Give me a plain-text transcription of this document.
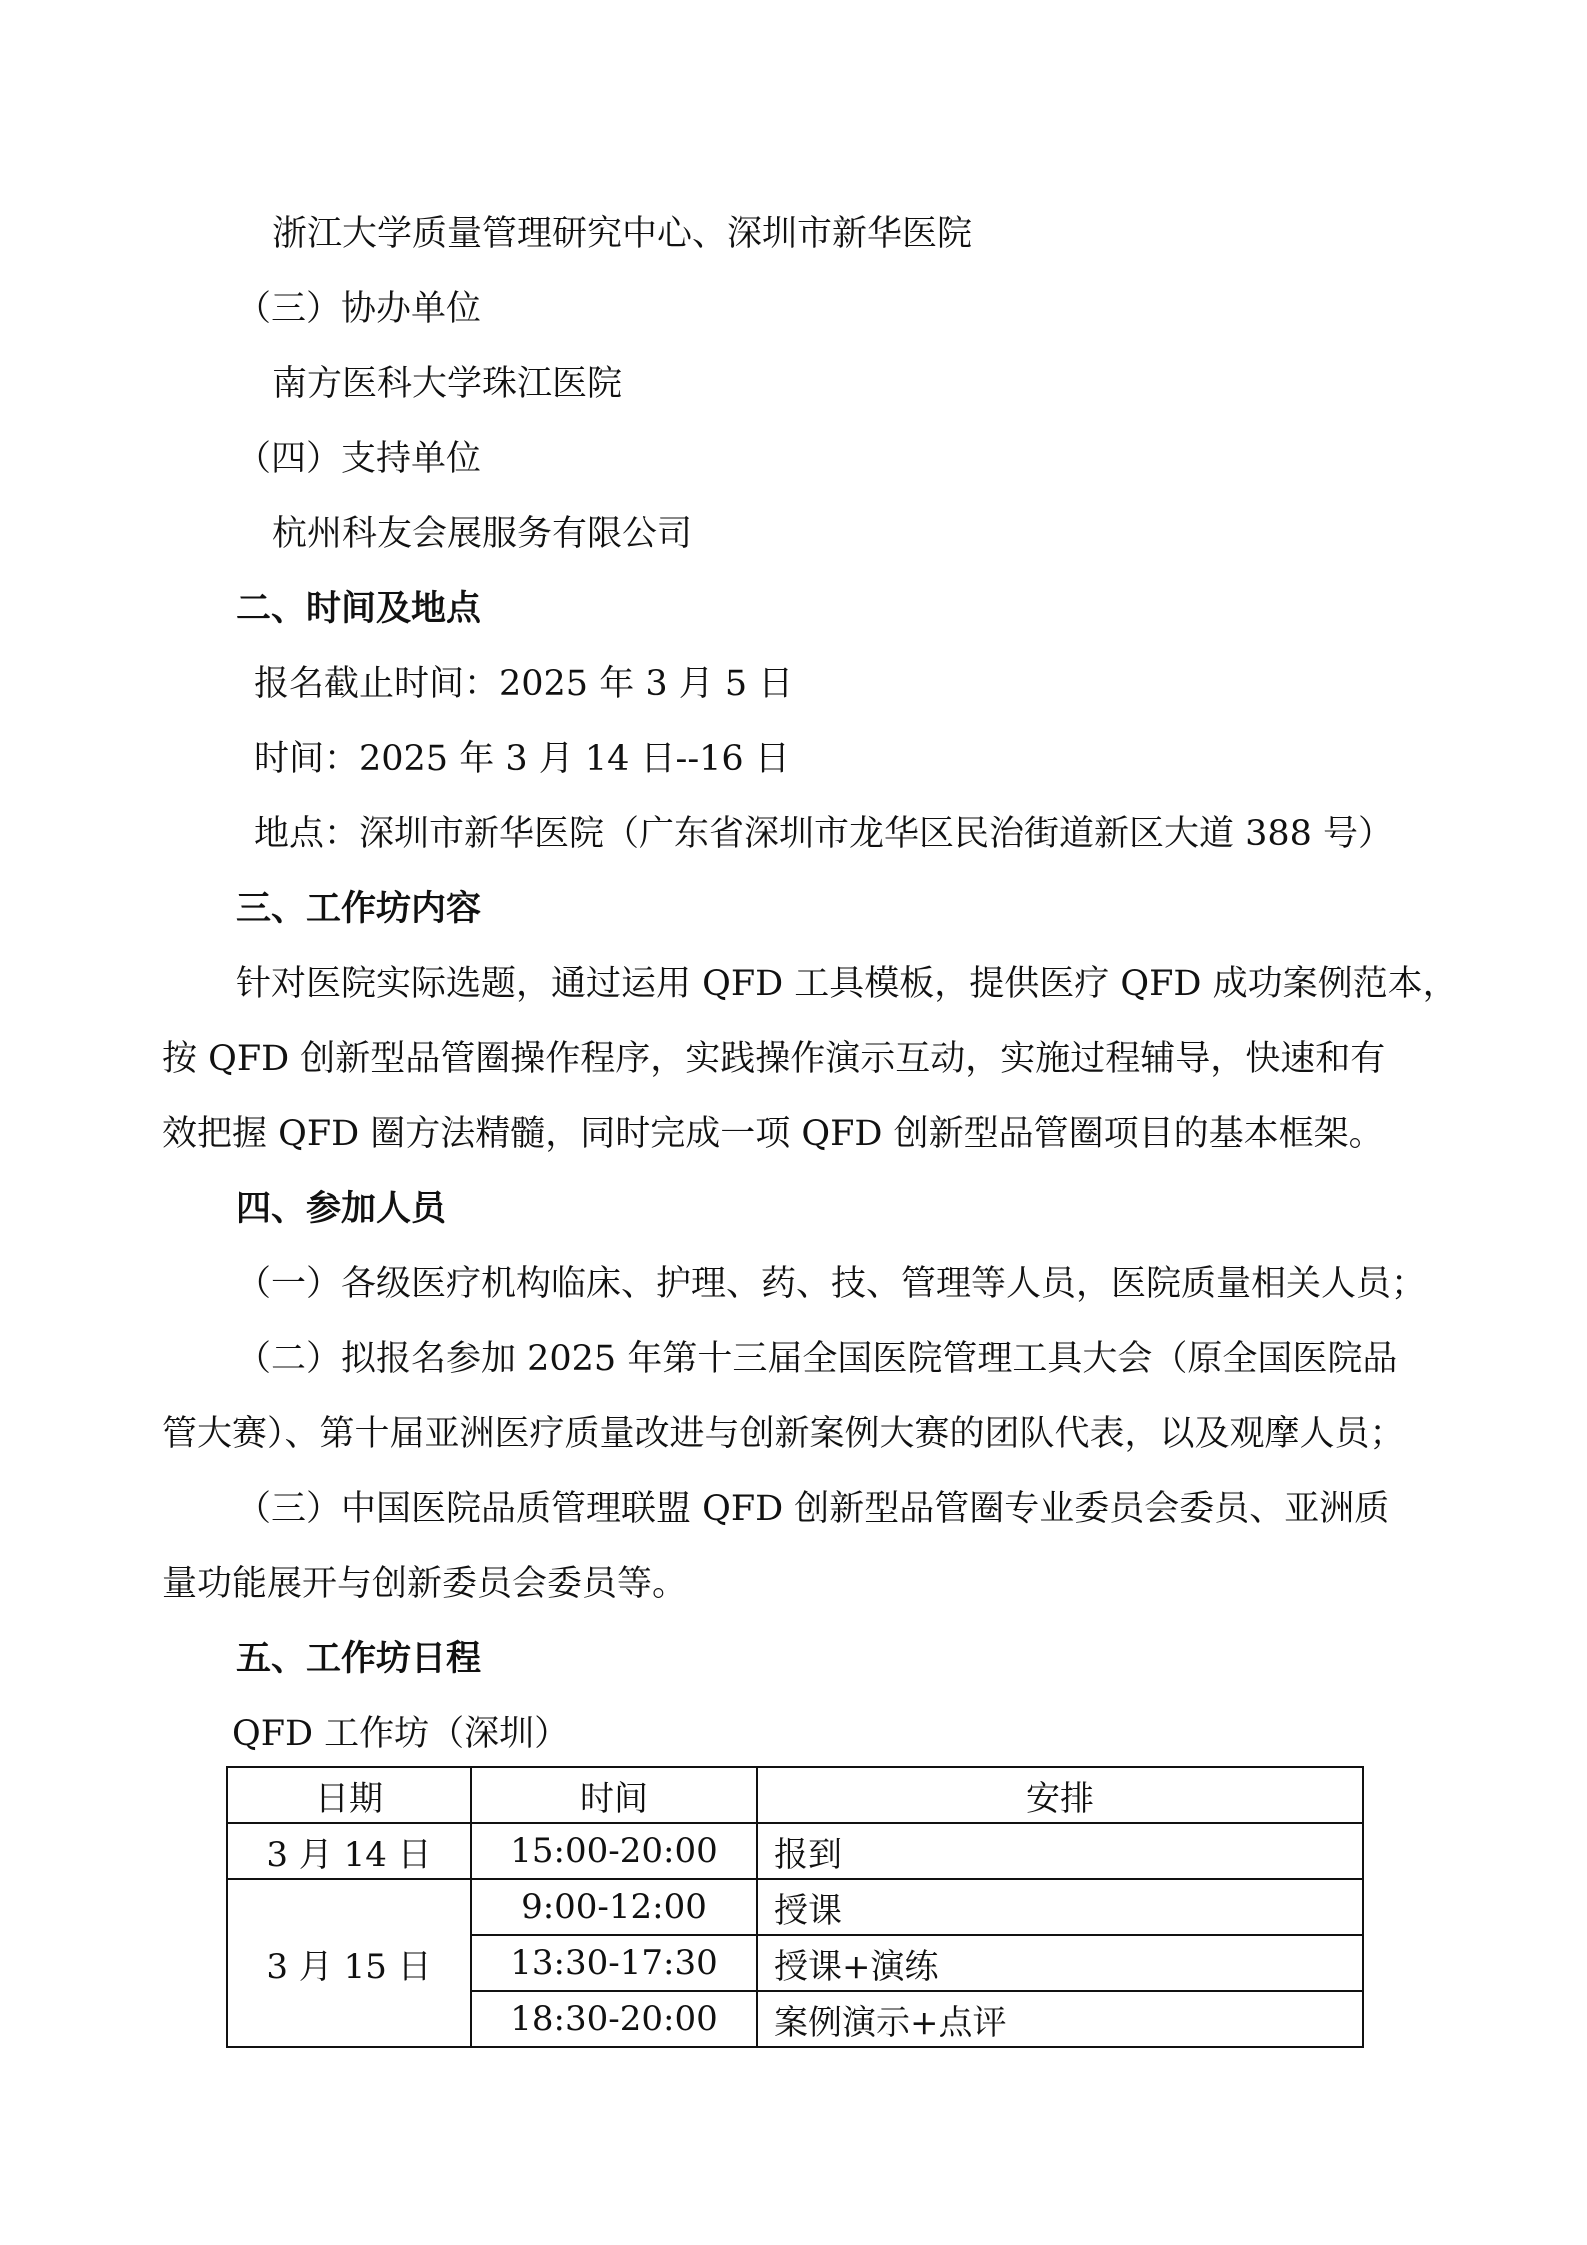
浙江大学质量管理研究中心、深圳市新华医院
（三）协办单位
南方医科大学珠江医院
（四）支持单位
杭州科友会展服务有限公司
二、时间及地点
报名截止时间：2025 年 3 月 5 日
时间：2025 年 3 月 14 日--16 日
地点：深圳市新华医院（广东省深圳市龙华区民治街道新区大道 388 号）
三、工作坊内容
针对医院实际选题，通过运用 QFD 工具模板，提供医疗 QFD 成功案例范本，
按 QFD 创新型品管圈操作程序，实践操作演示互动，实施过程辅导，快速和有
效把握 QFD 圈方法精髓，同时完成一项 QFD 创新型品管圈项目的基本框架。
四、参加人员
（一）各级医疗机构临床、护理、药、技、管理等人员，医院质量相关人员；
（二）拟报名参加 2025 年第十三届全国医院管理工具大会（原全国医院品
管大赛）、第十届亚洲医疗质量改进与创新案例大赛的团队代表，以及观摩人员；
（三）中国医院品质管理联盟 QFD 创新型品管圈专业委员会委员、亚洲质
量功能展开与创新委员会委员等。
五、工作坊日程
QFD 工作坊（深圳）
日期	时间	安排
3 月 14 日	15:00-20:00	报到
3 月 15 日	9:00-12:00	授课
	13:30-17:30	授课+演练
	18:30-20:00	案例演示+点评
